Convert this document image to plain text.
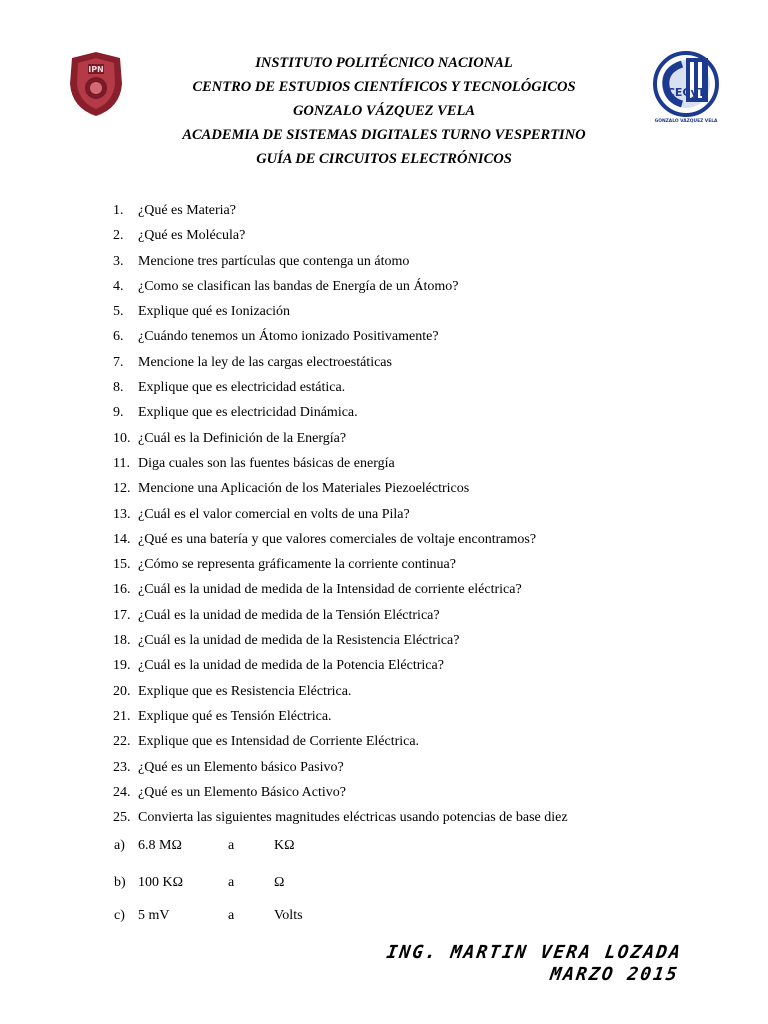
IPN
CECyT
GONZALO VÁZQUEZ VELA
INSTITUTO POLITÉCNICO NACIONAL
CENTRO DE ESTUDIOS CIENTÍFICOS Y TECNOLÓGICOS
GONZALO VÁZQUEZ VELA
ACADEMIA DE SISTEMAS DIGITALES TURNO VESPERTINO
GUÍA DE CIRCUITOS ELECTRÓNICOS
1. ¿Qué es Materia?
2. ¿Qué es Molécula?
3. Mencione tres partículas que contenga un átomo
4. ¿Como se clasifican las bandas de Energía de un Átomo?
5. Explique qué es Ionización
6. ¿Cuándo tenemos un Átomo ionizado Positivamente?
7. Mencione la ley de las cargas electroestáticas
8. Explique que es electricidad estática.
9. Explique que es electricidad Dinámica.
10. ¿Cuál es la Definición de la Energía?
11. Diga cuales son las fuentes básicas de energía
12. Mencione una Aplicación de los Materiales Piezoeléctricos
13. ¿Cuál es el valor comercial en volts de una Pila?
14. ¿Qué es una batería y que valores comerciales de voltaje encontramos?
15. ¿Cómo se representa gráficamente la corriente continua?
16. ¿Cuál es la unidad de medida de la Intensidad de corriente eléctrica?
17. ¿Cuál es la unidad de medida de la Tensión Eléctrica?
18. ¿Cuál es la unidad de medida de la Resistencia Eléctrica?
19. ¿Cuál es la unidad de medida de la Potencia Eléctrica?
20. Explique que es Resistencia Eléctrica.
21. Explique qué es Tensión Eléctrica.
22. Explique que es Intensidad de Corriente Eléctrica.
23. ¿Qué es un Elemento básico Pasivo?
24. ¿Qué es un Elemento Básico Activo?
25. Convierta las siguientes magnitudes eléctricas usando potencias de base diez
a) 6.8 MΩ	a	KΩ
b) 100 KΩ	a	Ω
c) 5 mV	a	Volts
ING. MARTIN VERA LOZADA
MARZO 2015
